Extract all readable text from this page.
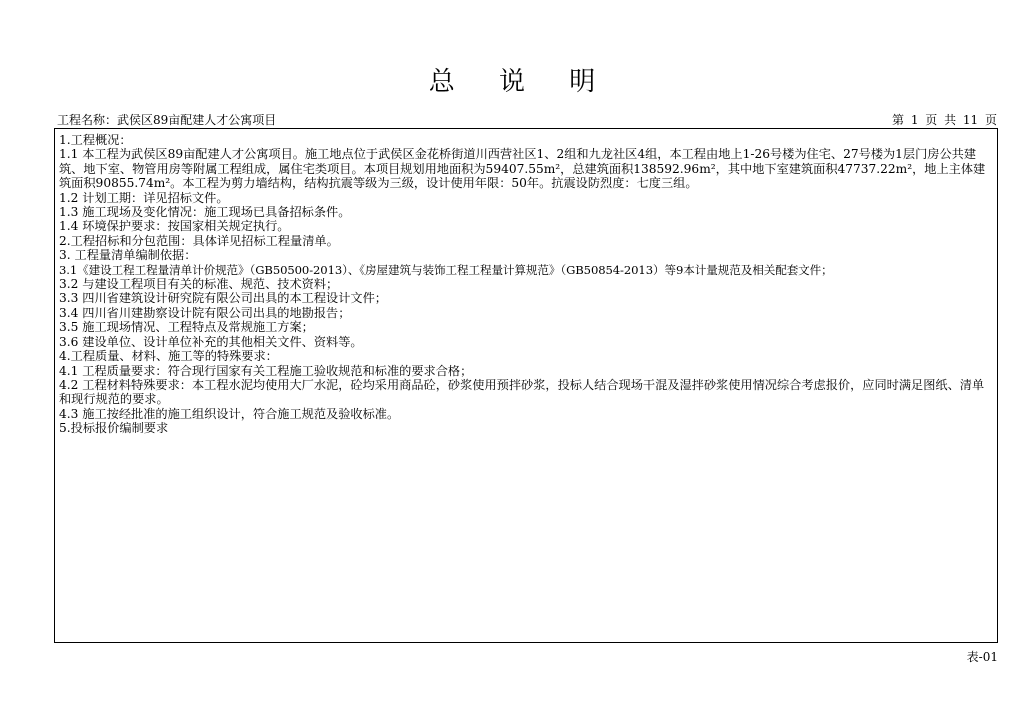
总 说 明
工程名称：武侯区89亩配建人才公寓项目	第 1 页 共 11 页

1.工程概况：

1.1 本工程为武侯区89亩配建人才公寓项目。施工地点位于武侯区金花桥街道川西营社区1、2组和九龙社区4组，本工程由地上1-26号楼为住宅、27号楼为1层门房公共建筑、地下室、物管用房等附属工程组成，属住宅类项目。本项目规划用地面积为59407.55m²，总建筑面积138592.96m²，其中地下室建筑面积47737.22m²，地上主体建筑面积90855.74m²。本工程为剪力墙结构，结构抗震等级为三级，设计使用年限：50年。抗震设防烈度：七度三组。

1.2 计划工期：详见招标文件。

1.3 施工现场及变化情况：施工现场已具备招标条件。

1.4 环境保护要求：按国家相关规定执行。

2.工程招标和分包范围：具体详见招标工程量清单。

3. 工程量清单编制依据：

3.1《建设工程工程量清单计价规范》（GB50500-2013）、《房屋建筑与装饰工程工程量计算规范》（GB50854-2013）等9本计量规范及相关配套文件；

3.2 与建设工程项目有关的标准、规范、技术资料；

3.3 四川省建筑设计研究院有限公司出具的本工程设计文件；

3.4 四川省川建勘察设计院有限公司出具的地勘报告；

3.5 施工现场情况、工程特点及常规施工方案；

3.6 建设单位、设计单位补充的其他相关文件、资料等。

4.工程质量、材料、施工等的特殊要求：

4.1 工程质量要求：符合现行国家有关工程施工验收规范和标准的要求合格；

4.2 工程材料特殊要求：本工程水泥均使用大厂水泥，砼均采用商品砼，砂浆使用预拌砂浆，投标人结合现场干混及湿拌砂浆使用情况综合考虑报价，应同时满足图纸、清单和现行规范的要求。

4.3 施工按经批准的施工组织设计，符合施工规范及验收标准。

5.投标报价编制要求

表-01
